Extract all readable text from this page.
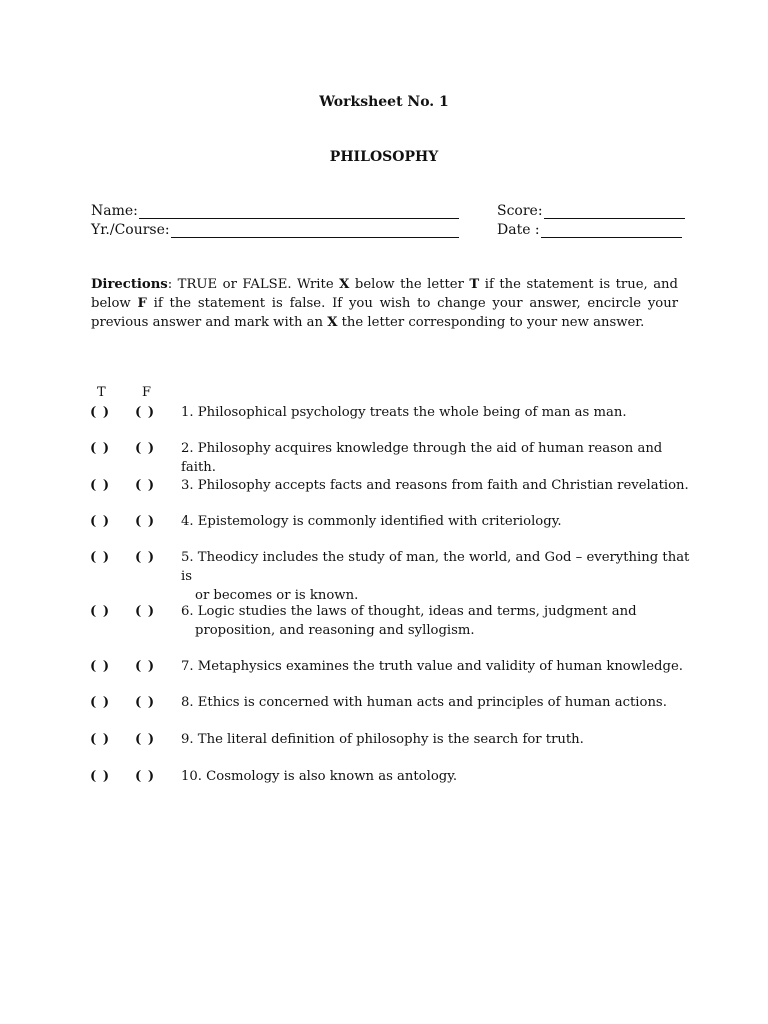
Worksheet No. 1
PHILOSOPHY
Name:
Yr./Course:
Score:
Date :

Directions: TRUE or FALSE. Write X below the letter T if the statement is true, and below F if the statement is false. If you wish to change your answer, encircle your previous answer and mark with an X the letter corresponding to your new answer.

T	F
( ) ( ) 1. Philosophical psychology treats the whole being of man as man.
( ) ( ) 2. Philosophy acquires knowledge through the aid of human reason and faith.
( ) ( ) 3. Philosophy accepts facts and reasons from faith and Christian revelation.
( ) ( ) 4. Epistemology is commonly identified with criteriology.
( ) ( ) 5. Theodicy includes the study of man, the world, and God – everything that is
or becomes or is known.
( ) ( ) 6. Logic studies the laws of thought, ideas and terms, judgment and
proposition, and reasoning and syllogism.
( ) ( ) 7. Metaphysics examines the truth value and validity of human knowledge.
( ) ( ) 8. Ethics is concerned with human acts and principles of human actions.
( ) ( ) 9. The literal definition of philosophy is the search for truth.
( ) ( ) 10. Cosmology is also known as antology.
